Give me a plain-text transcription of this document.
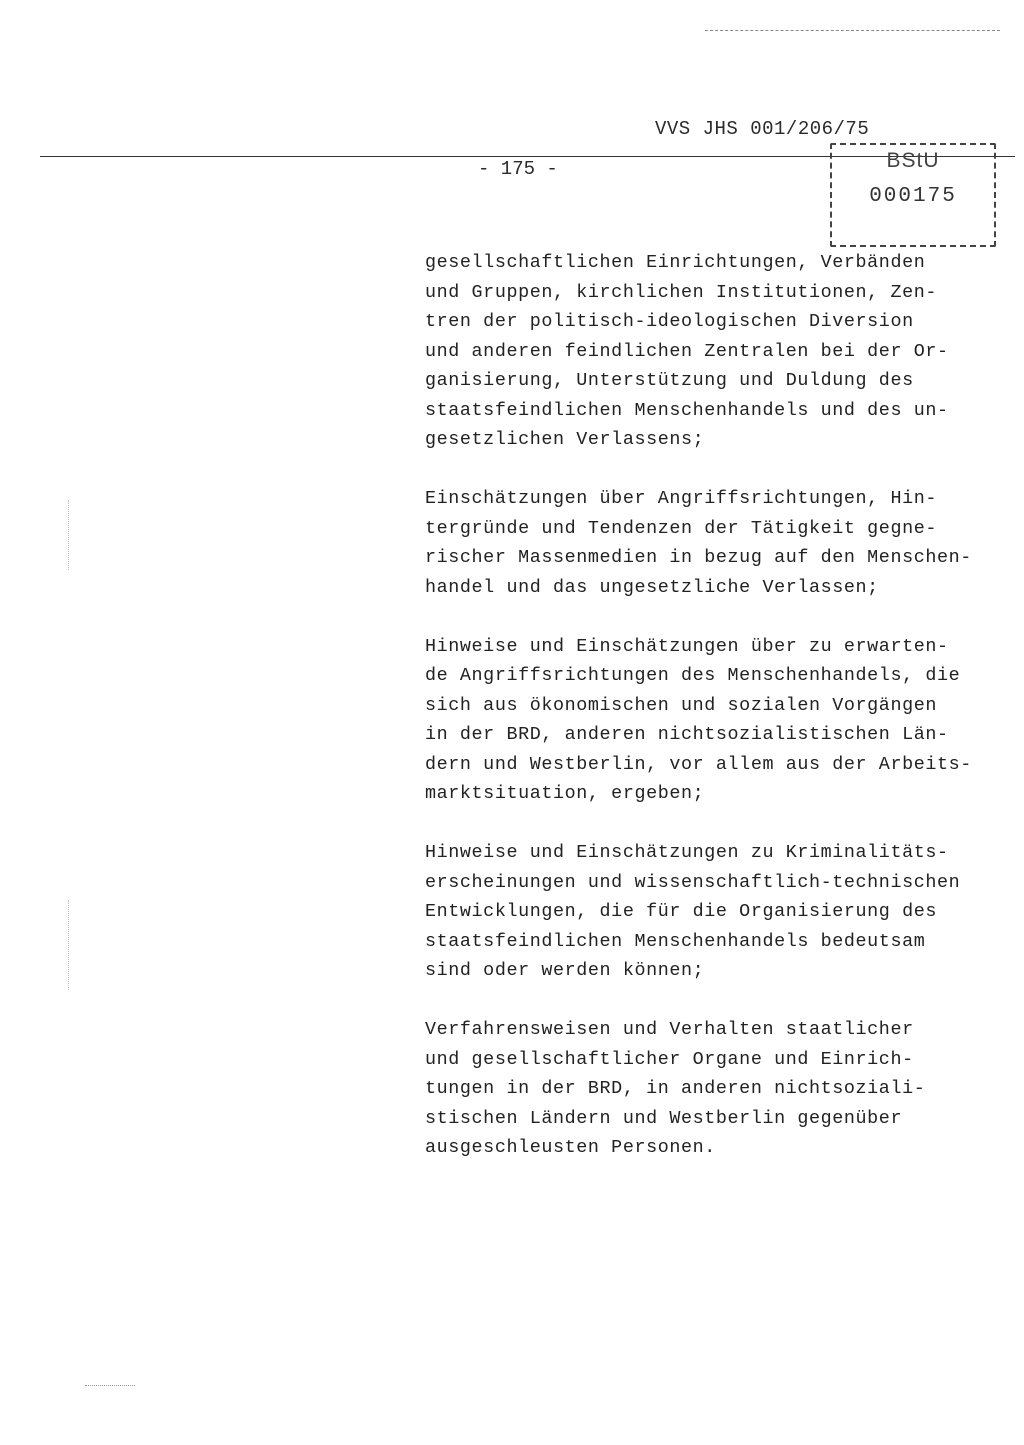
VVS JHS 001/206/75
- 175 -	BStU
000175
gesellschaftlichen Einrichtungen, Verbänden
und Gruppen, kirchlichen Institutionen, Zen-
tren der politisch-ideologischen Diversion
und anderen feindlichen Zentralen bei der Or-
ganisierung, Unterstützung und Duldung des
staatsfeindlichen Menschenhandels und des un-
gesetzlichen Verlassens;
Einschätzungen über Angriffsrichtungen, Hin-
tergründe und Tendenzen der Tätigkeit gegne-
rischer Massenmedien in bezug auf den Menschen-
handel und das ungesetzliche Verlassen;
Hinweise und Einschätzungen über zu erwarten-
de Angriffsrichtungen des Menschenhandels, die
sich aus ökonomischen und sozialen Vorgängen
in der BRD, anderen nichtsozialistischen Län-
dern und Westberlin, vor allem aus der Arbeits-
marktsituation, ergeben;
Hinweise und Einschätzungen zu Kriminalitäts-
erscheinungen und wissenschaftlich-technischen
Entwicklungen, die für die Organisierung des
staatsfeindlichen Menschenhandels bedeutsam
sind oder werden können;
Verfahrensweisen und Verhalten staatlicher
und gesellschaftlicher Organe und Einrich-
tungen in der BRD, in anderen nichtsoziali-
stischen Ländern und Westberlin gegenüber
ausgeschleusten Personen.
